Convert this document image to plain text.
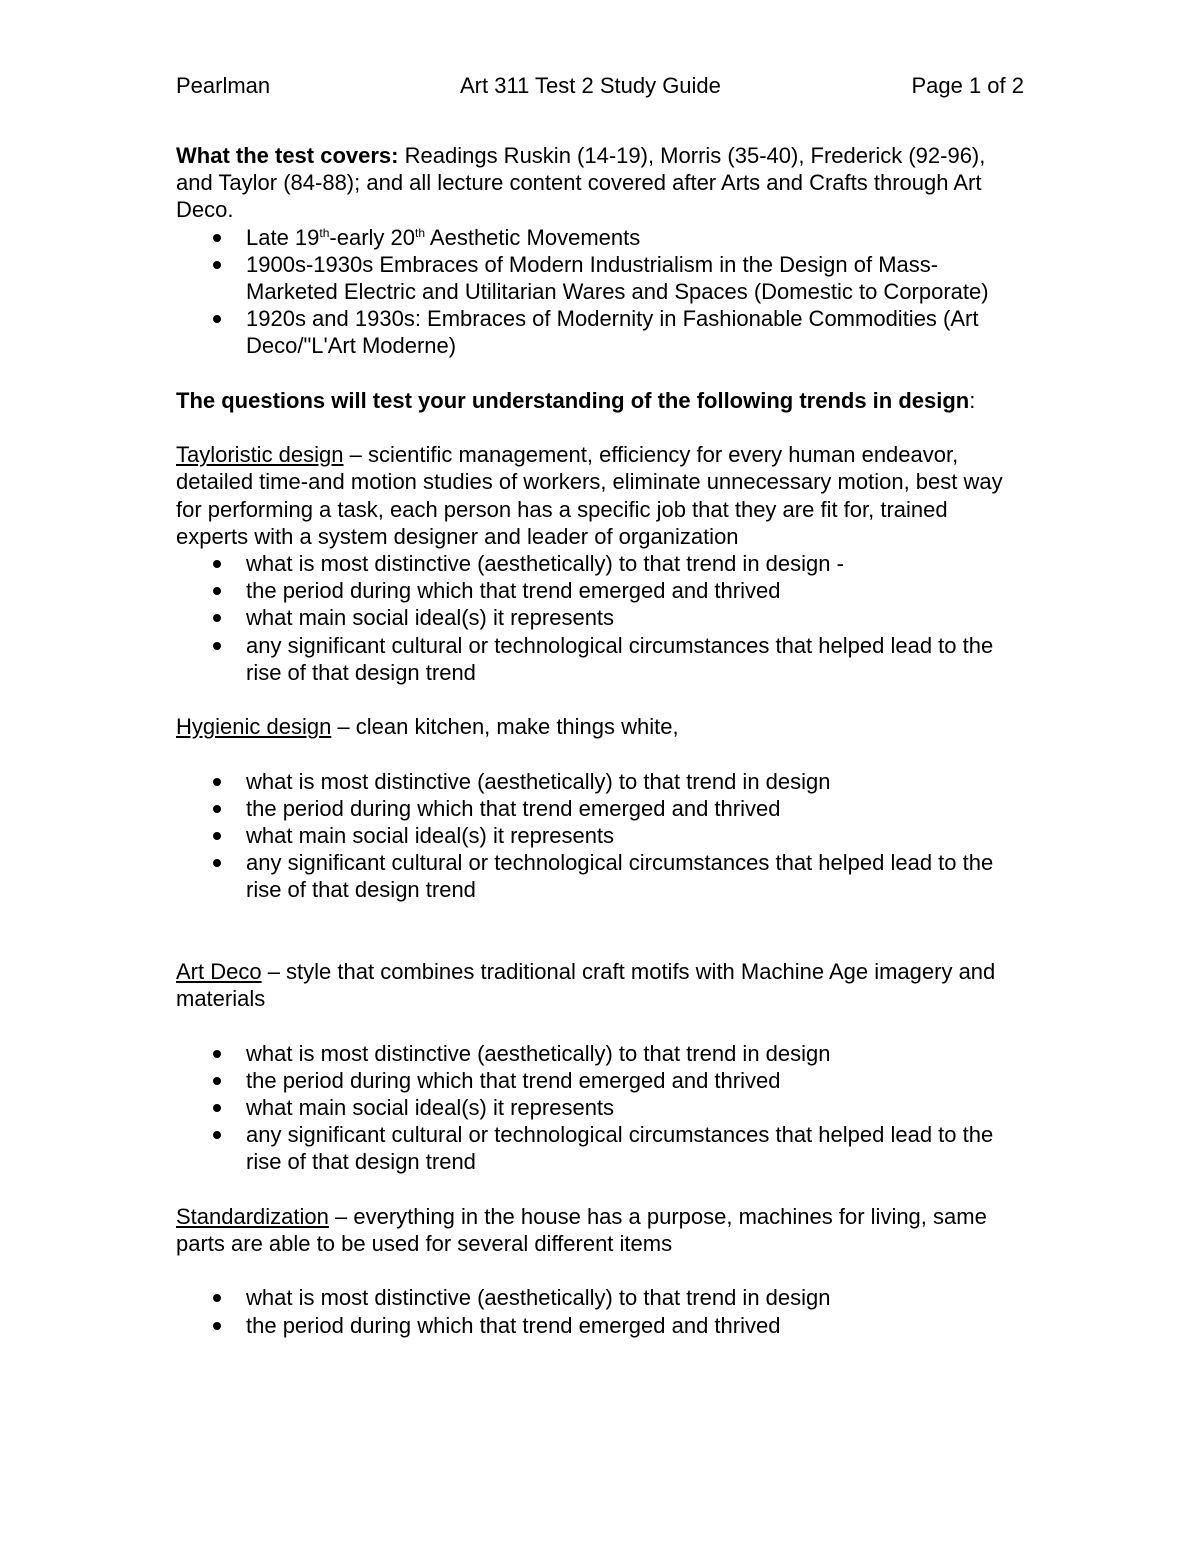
Pearlman	Art 311 Test 2 Study Guide	Page 1 of 2

What the test covers: Readings Ruskin (14-19), Morris (35-40), Frederick (92-96), and Taylor (84-88); and all lecture content covered after Arts and Crafts through Art Deco.

Late 19th-early 20th Aesthetic Movements
1900s-1930s Embraces of Modern Industrialism in the Design of Mass-Marketed Electric and Utilitarian Wares and Spaces (Domestic to Corporate)
1920s and 1930s: Embraces of Modernity in Fashionable Commodities (Art Deco/"L'Art Moderne)

The questions will test your understanding of the following trends in design:

Tayloristic design – scientific management, efficiency for every human endeavor, detailed time-and motion studies of workers, eliminate unnecessary motion, best way for performing a task, each person has a specific job that they are fit for, trained experts with a system designer and leader of organization

what is most distinctive (aesthetically) to that trend in design -
the period during which that trend emerged and thrived
what main social ideal(s) it represents
any significant cultural or technological circumstances that helped lead to the rise of that design trend

Hygienic design – clean kitchen, make things white,

what is most distinctive (aesthetically) to that trend in design
the period during which that trend emerged and thrived
what main social ideal(s) it represents
any significant cultural or technological circumstances that helped lead to the rise of that design trend

Art Deco – style that combines traditional craft motifs with Machine Age imagery and materials

what is most distinctive (aesthetically) to that trend in design
the period during which that trend emerged and thrived
what main social ideal(s) it represents
any significant cultural or technological circumstances that helped lead to the rise of that design trend

Standardization – everything in the house has a purpose, machines for living, same parts are able to be used for several different items

what is most distinctive (aesthetically) to that trend in design
the period during which that trend emerged and thrived
